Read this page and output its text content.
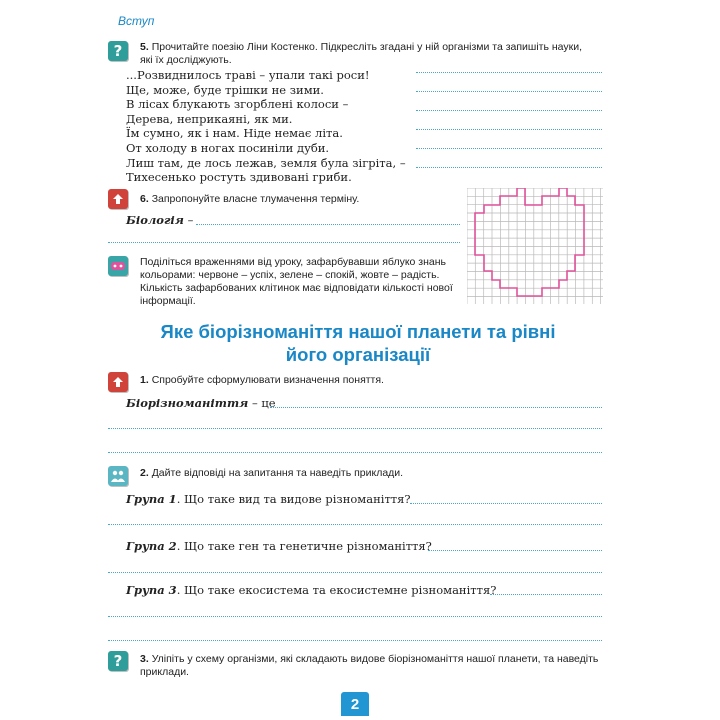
Вступ
? 5. Прочитайте поезію Ліни Костенко. Підкресліть згадані у ній організми та запишіть науки, які їх досліджують.
...Розвиднилось траві – упали такі роси!
Ще, може, буде трішки не зими.
В лісах блукають згорблені колоси –
Дерева, неприкаяні, як ми.
Їм сумно, як і нам. Ніде немає літа.
От холоду в ногах посиніли дуби.
Лиш там, де лось лежав, земля була зігріта, –
Тихесенько ростуть здивовані гриби.
6. Запропонуйте власне тлумачення терміну.
Біологія –
Поділіться враженнями від уроку, зафарбувавши яблуко знань кольорами: червоне – успіх, зелене – спокій, жовте – радість. Кількість зафарбованих клітинок має відповідати кількості нової інформації.
Яке біорізноманіття нашої планети та рівні
його організації
1. Спробуйте сформулювати визначення поняття.
Біорізноманіття – це
2. Дайте відповіді на запитання та наведіть приклади.
Група 1. Що таке вид та видове різноманіття?
Група 2. Що таке ген та генетичне різноманіття?
Група 3. Що таке екосистема та екосистемне різноманіття?
? 3. Уліпіть у схему організми, які складають видове біорізноманіття нашої планети, та наведіть приклади.
2
